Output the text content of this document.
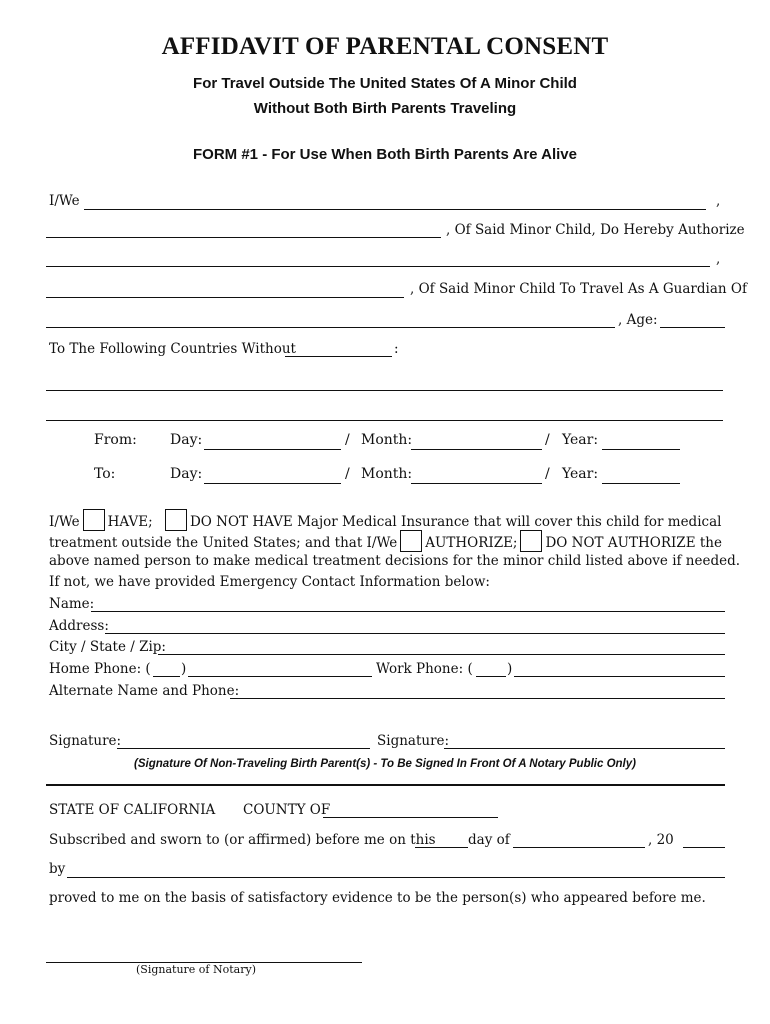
AFFIDAVIT OF PARENTAL CONSENT
For Travel Outside The United States Of A Minor Child
Without Both Birth Parents Traveling
FORM #1 - For Use When Both Birth Parents Are Alive
I/We	,
, Of Said Minor Child, Do Hereby Authorize
,
, Of Said Minor Child To Travel As A Guardian Of
, Age:
To The Following Countries Without	:
From: Day:	/ Month:	/ Year:
To:	Day:	/ Month:	/ Year:
I/We HAVE;	DO NOT HAVE Major Medical Insurance that will cover this child for medical
treatment outside the United States; and that I/We AUTHORIZE; DO NOT AUTHORIZE the
above named person to make medical treatment decisions for the minor child listed above if needed.
If not, we have provided Emergency Contact Information below:
Name:
Address:
City / State / Zip:
Home Phone: ( )	Work Phone: (	)
Alternate Name and Phone:
Signature:	Signature:
(Signature Of Non-Traveling Birth Parent(s) - To Be Signed In Front Of A Notary Public Only)
STATE OF CALIFORNIA COUNTY OF
Subscribed and sworn to (or affirmed) before me on this day of	, 20
by
proved to me on the basis of satisfactory evidence to be the person(s) who appeared before me.
(Signature of Notary)
